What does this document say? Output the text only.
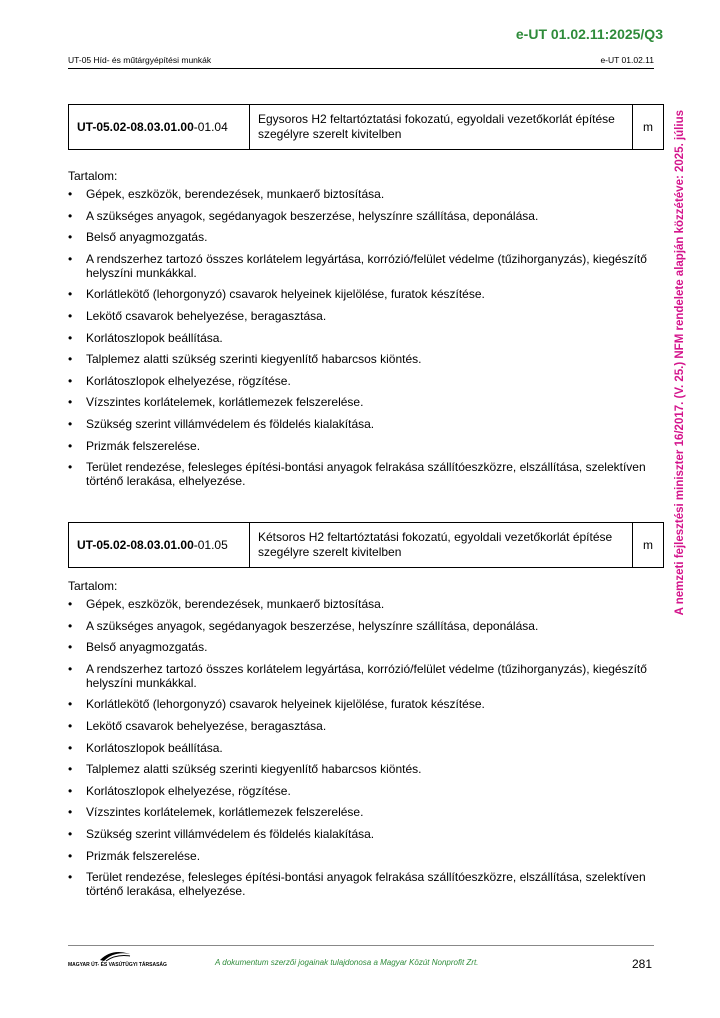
e-UT 01.02.11:2025/Q3
UT-05 Híd- és műtárgyépítési munkák	e-UT 01.02.11
A nemzeti fejlesztési miniszter 16/2017. (V. 25.) NFM rendelete alapján közzétéve: 2025. július
UT-05.02-08.03.01.00 -01.04
Egysoros H2 feltartóztatási fokozatú, egyoldali vezetőkorlát építése szegélyre szerelt kivitelben	m

Tartalom:

• Gépek, eszközök, berendezések, munkaerő biztosítása.
• A szükséges anyagok, segédanyagok beszerzése, helyszínre szállítása, deponálása.
• Belső anyagmozgatás.
• A rendszerhez tartozó összes korlátelem legyártása, korrózió/felület védelme (tűzihorganyzás), kiegészítő helyszíni munkákkal.
• Korlátlekötő (lehorgonyzó) csavarok helyeinek kijelölése, furatok készítése.
• Lekötő csavarok behelyezése, beragasztása.
• Korlátoszlopok beállítása.
• Talplemez alatti szükség szerinti kiegyenlítő habarcsos kiöntés.
• Korlátoszlopok elhelyezése, rögzítése.
• Vízszintes korlátelemek, korlátlemezek felszerelése.
• Szükség szerint villámvédelem és földelés kialakítása.
• Prizmák felszerelése.
• Terület rendezése, felesleges építési-bontási anyagok felrakása szállítóeszközre, elszállítása, szelektíven történő lerakása, elhelyezése.
UT-05.02-08.03.01.00 -01.05
Kétsoros H2 feltartóztatási fokozatú, egyoldali vezetőkorlát építése szegélyre szerelt kivitelben	m

Tartalom:

• Gépek, eszközök, berendezések, munkaerő biztosítása.
• A szükséges anyagok, segédanyagok beszerzése, helyszínre szállítása, deponálása.
• Belső anyagmozgatás.
• A rendszerhez tartozó összes korlátelem legyártása, korrózió/felület védelme (tűzihorganyzás), kiegészítő helyszíni munkákkal.
• Korlátlekötő (lehorgonyzó) csavarok helyeinek kijelölése, furatok készítése.
• Lekötő csavarok behelyezése, beragasztása.
• Korlátoszlopok beállítása.
• Talplemez alatti szükség szerinti kiegyenlítő habarcsos kiöntés.
• Korlátoszlopok elhelyezése, rögzítése.
• Vízszintes korlátelemek, korlátlemezek felszerelése.
• Szükség szerint villámvédelem és földelés kialakítása.
• Prizmák felszerelése.
• Terület rendezése, felesleges építési-bontási anyagok felrakása szállítóeszközre, elszállítása, szelektíven történő lerakása, elhelyezése.
MAGYAR ÚT- ÉS VASÚTÜGYI TÁRSASÁG	A dokumentum szerzői jogainak tulajdonosa a Magyar Közút Nonprofit Zrt.	281
